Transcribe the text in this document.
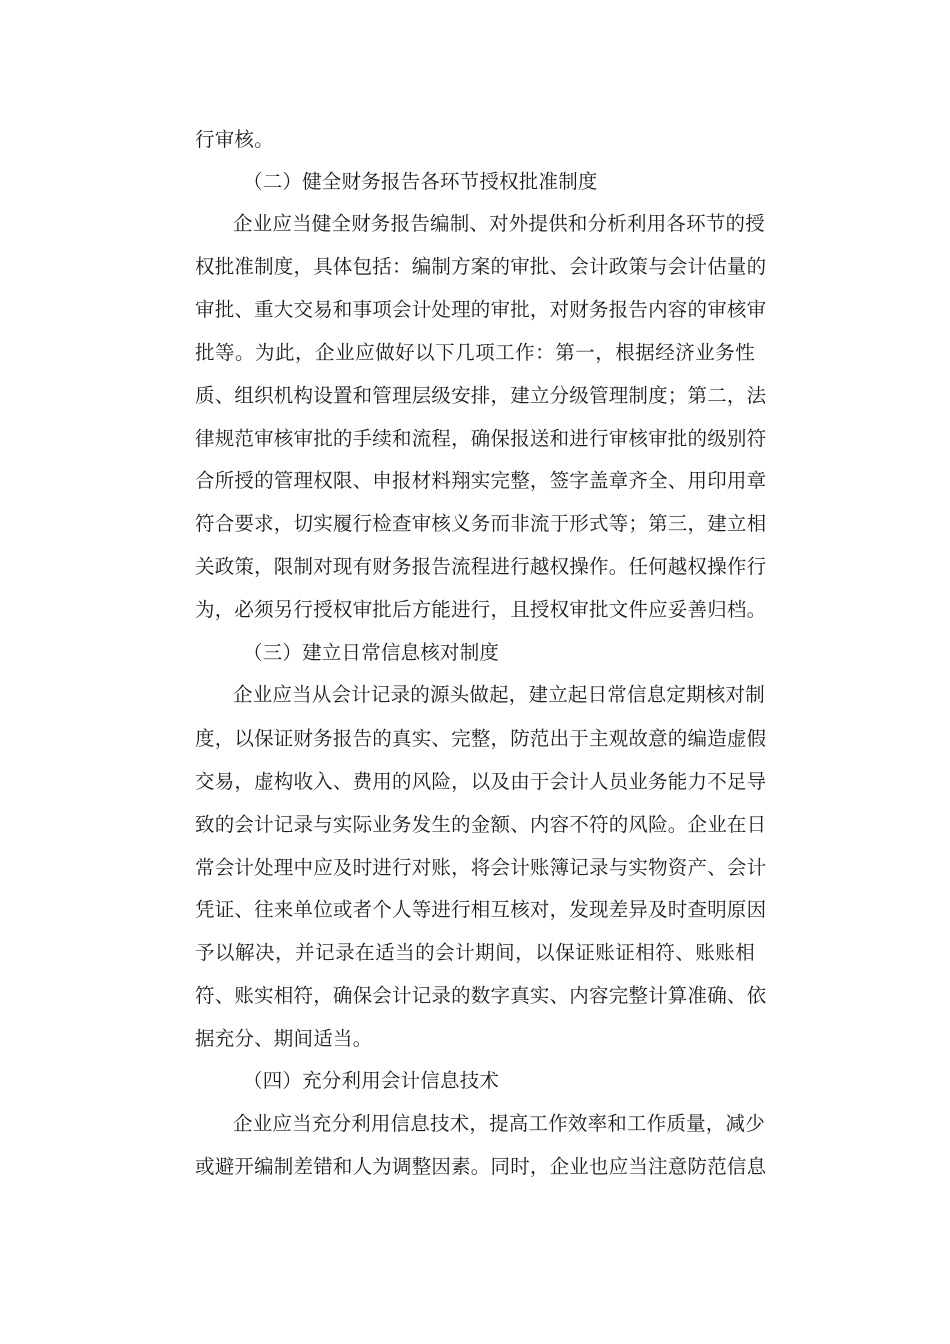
行审核。
（二）健全财务报告各环节授权批准制度
企业应当健全财务报告编制、对外提供和分析利用各环节的授
权批准制度，具体包括：编制方案的审批、会计政策与会计估量的
审批、重大交易和事项会计处理的审批，对财务报告内容的审核审
批等。为此，企业应做好以下几项工作：第一，根据经济业务性
质、组织机构设置和管理层级安排，建立分级管理制度；第二，法
律规范审核审批的手续和流程，确保报送和进行审核审批的级别符
合所授的管理权限、申报材料翔实完整，签字盖章齐全、用印用章
符合要求，切实履行检查审核义务而非流于形式等；第三，建立相
关政策，限制对现有财务报告流程进行越权操作。任何越权操作行
为，必须另行授权审批后方能进行，且授权审批文件应妥善归档。
（三）建立日常信息核对制度
企业应当从会计记录的源头做起，建立起日常信息定期核对制
度，以保证财务报告的真实、完整，防范出于主观故意的编造虚假
交易，虚构收入、费用的风险，以及由于会计人员业务能力不足导
致的会计记录与实际业务发生的金额、内容不符的风险。企业在日
常会计处理中应及时进行对账，将会计账簿记录与实物资产、会计
凭证、往来单位或者个人等进行相互核对，发现差异及时查明原因
予以解决，并记录在适当的会计期间，以保证账证相符、账账相
符、账实相符，确保会计记录的数字真实、内容完整计算准确、依
据充分、期间适当。
（四）充分利用会计信息技术
企业应当充分利用信息技术，提高工作效率和工作质量，减少
或避开编制差错和人为调整因素。同时，企业也应当注意防范信息
